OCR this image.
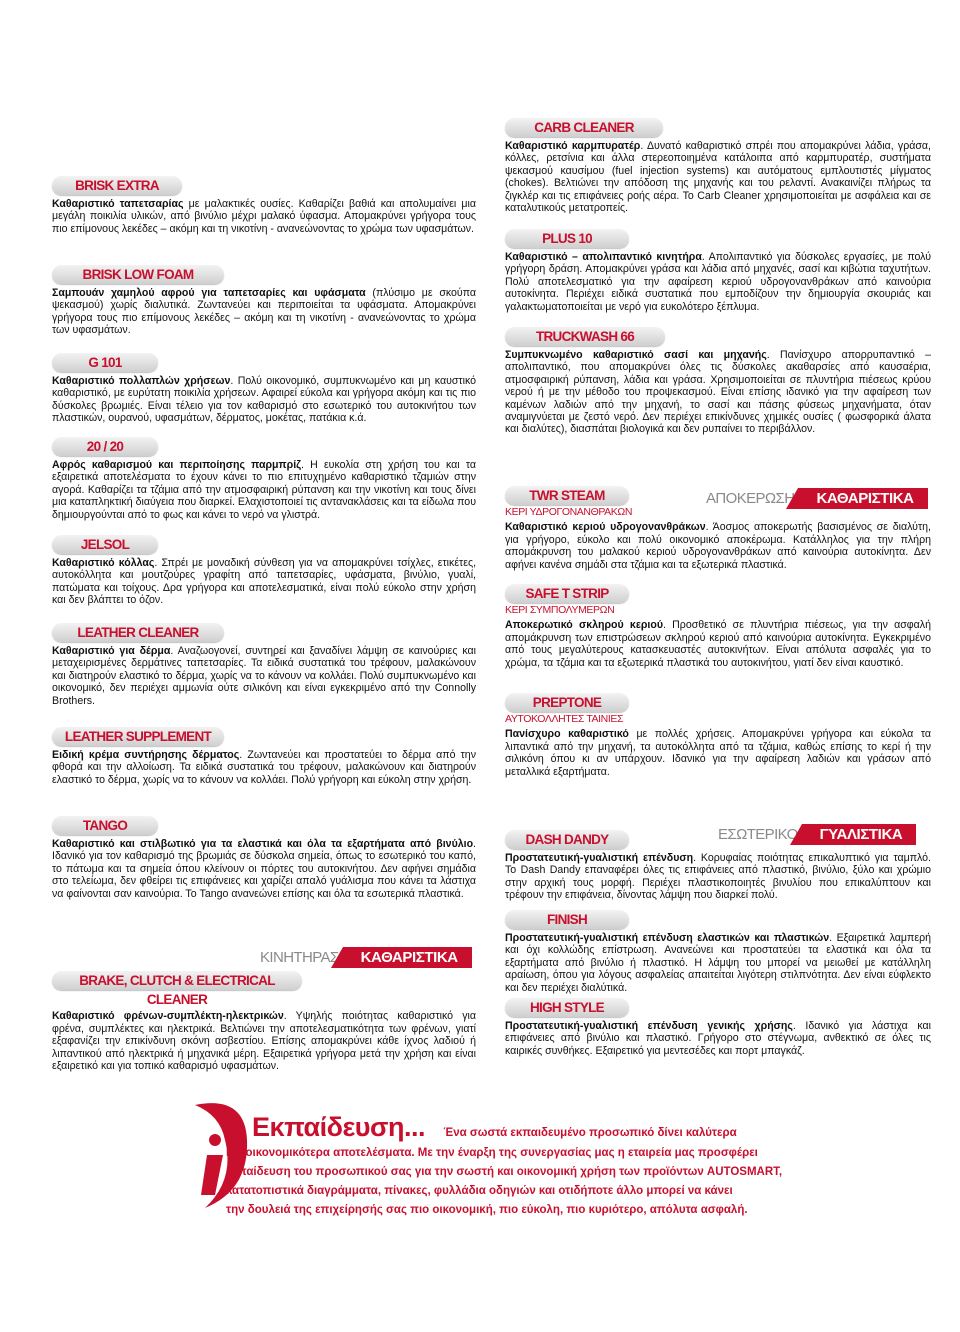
BRISK EXTRA

Καθαριστικό ταπετσαρίας με μαλακτικές ουσίες. Καθαρίζει βαθιά και απολυμαίνει μια μεγάλη ποικιλία υλικών, από βινύλιο μέχρι μαλακό ύφασμα. Απομακρύνει γρήγορα τους πιο επίμονους λεκέδες – ακόμη και τη νικοτίνη - ανανεώνοντας το χρώμα των υφασμάτων.

BRISK LOW FOAM

Σαμπουάν χαμηλού αφρού για ταπετσαρίες και υφάσματα (πλύσιμο με σκούπα ψεκασμού) χωρίς διαλυτικά. Ζωντανεύει και περιποιείται τα υφάσματα. Απομακρύνει γρήγορα τους πιο επίμονους λεκέδες – ακόμη και τη νικοτίνη - ανανεώνοντας το χρώμα των υφασμάτων.

G 101

Καθαριστικό πολλαπλών χρήσεων. Πολύ οικονομικό, συμπυκνωμένο και μη καυστικό καθαριστικό, με ευρύτατη ποικιλία χρήσεων. Αφαιρεί εύκολα και γρήγορα ακόμη και τις πιο δύσκολες βρωμιές. Είναι τέλειο για τον καθαρισμό στο εσωτερικό του αυτοκινήτου των πλαστικών, ουρανού, υφασμάτων, δέρματος, μοκέτας, πατάκια κ.ά.

20 / 20

Αφρός καθαρισμού και περιποίησης παρμπρίζ. Η ευκολία στη χρήση του και τα εξαιρετικά αποτελέσματα το έχουν κάνει το πιο επιτυχημένο καθαριστικό τζαμιών στην αγορά. Καθαρίζει τα τζάμια από την ατμοσφαιρική ρύπανση και την νικοτίνη και τους δίνει μια καταπληκτική διαύγεια που διαρκεί. Ελαχιστοποιεί τις αντανακλάσεις και τα είδωλα που δημιουργούνται από το φως και κάνει το νερό να γλιστρά.

JELSOL

Καθαριστικό κόλλας. Σπρέι με μοναδική σύνθεση για να απομακρύνει τσίχλες, ετικέτες, αυτοκόλλητα και μουτζούρες γραφίτη από ταπετσαρίες, υφάσματα, βινύλιο, γυαλί, πατώματα και τοίχους. Δρα γρήγορα και αποτελεσματικά, είναι πολύ εύκολο στην χρήση και δεν βλάπτει το όζον.

LEATHER CLEANER

Καθαριστικό για δέρμα. Αναζωογονεί, συντηρεί και ξαναδίνει λάμψη σε καινούριες και μεταχειρισμένες δερμάτινες ταπετσαρίες. Τα ειδικά συστατικά του τρέφουν, μαλακώνουν και διατηρούν ελαστικό το δέρμα, χωρίς να το κάνουν να κολλάει. Πολύ συμπυκνωμένο και οικονομικό, δεν περιέχει αμμωνία ούτε σιλικόνη και είναι εγκεκριμένο από την Connolly Brothers.

LEATHER SUPPLEMENT

Ειδική κρέμα συντήρησης δέρματος. Ζωντανεύει και προστατεύει το δέρμα από την φθορά και την αλλοίωση. Τα ειδικά συστατικά του τρέφουν, μαλακώνουν και διατηρούν ελαστικό το δέρμα, χωρίς να το κάνουν να κολλάει. Πολύ γρήγορη και εύκολη στην χρήση.

TANGO

Καθαριστικό και στιλβωτικό για τα ελαστικά και όλα τα εξαρτήματα από βινύλιο. Ιδανικό για τον καθαρισμό της βρωμιάς σε δύσκολα σημεία, όπως το εσωτερικό του καπό, το πάτωμα και τα σημεία όπου κλείνουν οι πόρτες του αυτοκινήτου. Δεν αφήνει σημάδια στο τελείωμα, δεν φθείρει τις επιφάνειες και χαρίζει απαλό γυάλισμα που κάνει τα λάστιχα να φαίνονται σαν καινούρια. Το Tango ανανεώνει επίσης και όλα τα εσωτερικά πλαστικά.

BRAKE, CLUTCH & ELECTRICAL CLEANER

Καθαριστικό φρένων-συμπλέκτη-ηλεκτρικών. Υψηλής ποιότητας καθαριστικό για φρένα, συμπλέκτες και ηλεκτρικά. Βελτιώνει την αποτελεσματικότητα των φρένων, γιατί εξαφανίζει την επικίνδυνη σκόνη ασβεστίου. Επίσης απομακρύνει κάθε ίχνος λαδιού ή λιπαντικού από ηλεκτρικά ή μηχανικά μέρη. Εξαιρετικά γρήγορα μετά την χρήση και είναι εξαιρετικό και για τοπικό καθαρισμό υφασμάτων.

CARB CLEANER

Καθαριστικό καρμπυρατέρ. Δυνατό καθαριστικό σπρέι που απομακρύνει λάδια, γράσα, κόλλες, ρετσίνια και άλλα στερεοποιημένα κατάλοιπα από καρμπυρατέρ, συστήματα ψεκασμού καυσίμου (fuel injection systems) και αυτόματους εμπλουτιστές μίγματος (chokes). Βελτιώνει την απόδοση της μηχανής και του ρελαντί. Ανακαινίζει πλήρως τα ζιγκλέρ και τις επιφάνειες ροής αέρα. Το Carb Cleaner χρησιμοποιείται με ασφάλεια και σε καταλυτικούς μετατροπείς.

PLUS 10

Καθαριστικό – απολιπαντικό κινητήρα. Απολιπαντικό για δύσκολες εργασίες, με πολύ γρήγορη δράση. Απομακρύνει γράσα και λάδια από μηχανές, σασί και κιβώτια ταχυτήτων. Πολύ αποτελεσματικό για την αφαίρεση κεριού υδρογονανθράκων από καινούρια αυτοκίνητα. Περιέχει ειδικά συστατικά που εμποδίζουν την δημιουργία σκουριάς και γαλακτωματοποιείται με νερό για ευκολότερο ξέπλυμα.

TRUCKWASH 66

Συμπυκνωμένο καθαριστικό σασί και μηχανής. Πανίσχυρο απορρυπαντικό – απολιπαντικό, που απομακρύνει όλες τις δύσκολες ακαθαρσίες από καυσαέρια, ατμοσφαιρική ρύπανση, λάδια και γράσα. Χρησιμοποιείται σε πλυντήρια πιέσεως κρύου νερού ή με την μέθοδο του προψεκασμού. Είναι επίσης ιδανικό για την αφαίρεση των καμένων λαδιών από την μηχανή, το σασί και πάσης φύσεως μηχανήματα, όταν αναμιγνύεται με ζεστό νερό. Δεν περιέχει επικίνδυνες χημικές ουσίες ( φωσφορικά άλατα και διαλύτες), διασπάται βιολογικά και δεν ρυπαίνει το περιβάλλον.

TWR STEAM
ΚΕΡΙ ΥΔΡΟΓΟΝΑΝΘΡΑΚΩΝ

Καθαριστικό κεριού υδρογονανθράκων. Άοσμος αποκερωτής βασισμένος σε διαλύτη, για γρήγορο, εύκολο και πολύ οικονομικό αποκέρωμα. Κατάλληλος για την πλήρη απομάκρυνση του μαλακού κεριού υδρογονανθράκων από καινούρια αυτοκίνητα. Δεν αφήνει κανένα σημάδι στα τζάμια και τα εξωτερικά πλαστικά.

SAFE T STRIP
ΚΕΡΙ ΣΥΜΠΟΛΥΜΕΡΩΝ

Αποκερωτικό σκληρού κεριού. Προσθετικό σε πλυντήρια πιέσεως, για την ασφαλή απομάκρυνση των επιστρώσεων σκληρού κεριού από καινούρια αυτοκίνητα. Εγκεκριμένο από τους μεγαλύτερους κατασκευαστές αυτοκινήτων. Είναι απόλυτα ασφαλές για το χρώμα, τα τζάμια και τα εξωτερικά πλαστικά του αυτοκινήτου, γιατί δεν είναι καυστικό.

PREPTONE
ΑΥΤΟΚΟΛΛΗΤΕΣ ΤΑΙΝΙΕΣ

Πανίσχυρο καθαριστικό με πολλές χρήσεις. Απομακρύνει γρήγορα και εύκολα τα λιπαντικά από την μηχανή, τα αυτοκόλλητα από τα τζάμια, καθώς επίσης το κερί ή την σιλικόνη όπου κι αν υπάρχουν. Ιδανικό για την αφαίρεση λαδιών και γράσων από μεταλλικά εξαρτήματα.

DASH DANDY

Προστατευτική-γυαλιστική επένδυση. Κορυφαίας ποιότητας επικαλυπτικό για ταμπλό. Το Dash Dandy επαναφέρει όλες τις επιφάνειες από πλαστικό, βινύλιο, ξύλο και χρώμιο στην αρχική τους μορφή. Περιέχει πλαστικοποιητές βινυλίου που επικαλύπτουν και τρέφουν την επιφάνεια, δίνοντας λάμψη που διαρκεί πολύ.

FINISH

Προστατευτική-γυαλιστική επένδυση ελαστικών και πλαστικών. Εξαιρετικά λαμπερή και όχι κολλώδης επίστρωση. Ανανεώνει και προστατεύει τα ελαστικά και όλα τα εξαρτήματα από βινύλιο ή πλαστικό. Η λάμψη του μπορεί να μειωθεί με κατάλληλη αραίωση, όπου για λόγους ασφαλείας απαιτείται λιγότερη στιλπνότητα. Δεν είναι εύφλεκτο και δεν περιέχει διαλύτικά.

HIGH STYLE

Προστατευτική-γυαλιστική επένδυση γενικής χρήσης. Ιδανικό για λάστιχα και επιφάνειες από βινύλιο και πλαστικό. Γρήγορο στο στέγνωμα, ανθεκτικό σε όλες τις καιρικές συνθήκες. Εξαιρετικό για μεντεσέδες και πορτ μπαγκάζ.

ΚΙΝΗΤΗΡΑΣ	ΚΑΘΑΡΙΣΤΙΚΑ
ΑΠΟΚΕΡΩΣΗ	ΚΑΘΑΡΙΣΤΙΚΑ
ΕΣΩΤΕΡΙΚΟ	ΓΥΑΛΙΣΤΙΚΑ
Εκπαίδευση... Ένα σωστά εκπαιδευμένο προσωπικό δίνει καλύτερα
και οικονομικότερα αποτελέσματα. Με την έναρξη της συνεργασίας μας η εταιρεία μας προσφέρει
εκπαίδευση του προσωπικού σας για την σωστή και οικονομική χρήση των προϊόντων AUTOSMART,
κατατοπιστικά διαγράμματα, πίνακες, φυλλάδια οδηγιών και οτιδήποτε άλλο μπορεί να κάνει
την δουλειά της επιχείρησής σας πιο οικονομική, πιο εύκολη, πιο κυριότερο, απόλυτα ασφαλή.
